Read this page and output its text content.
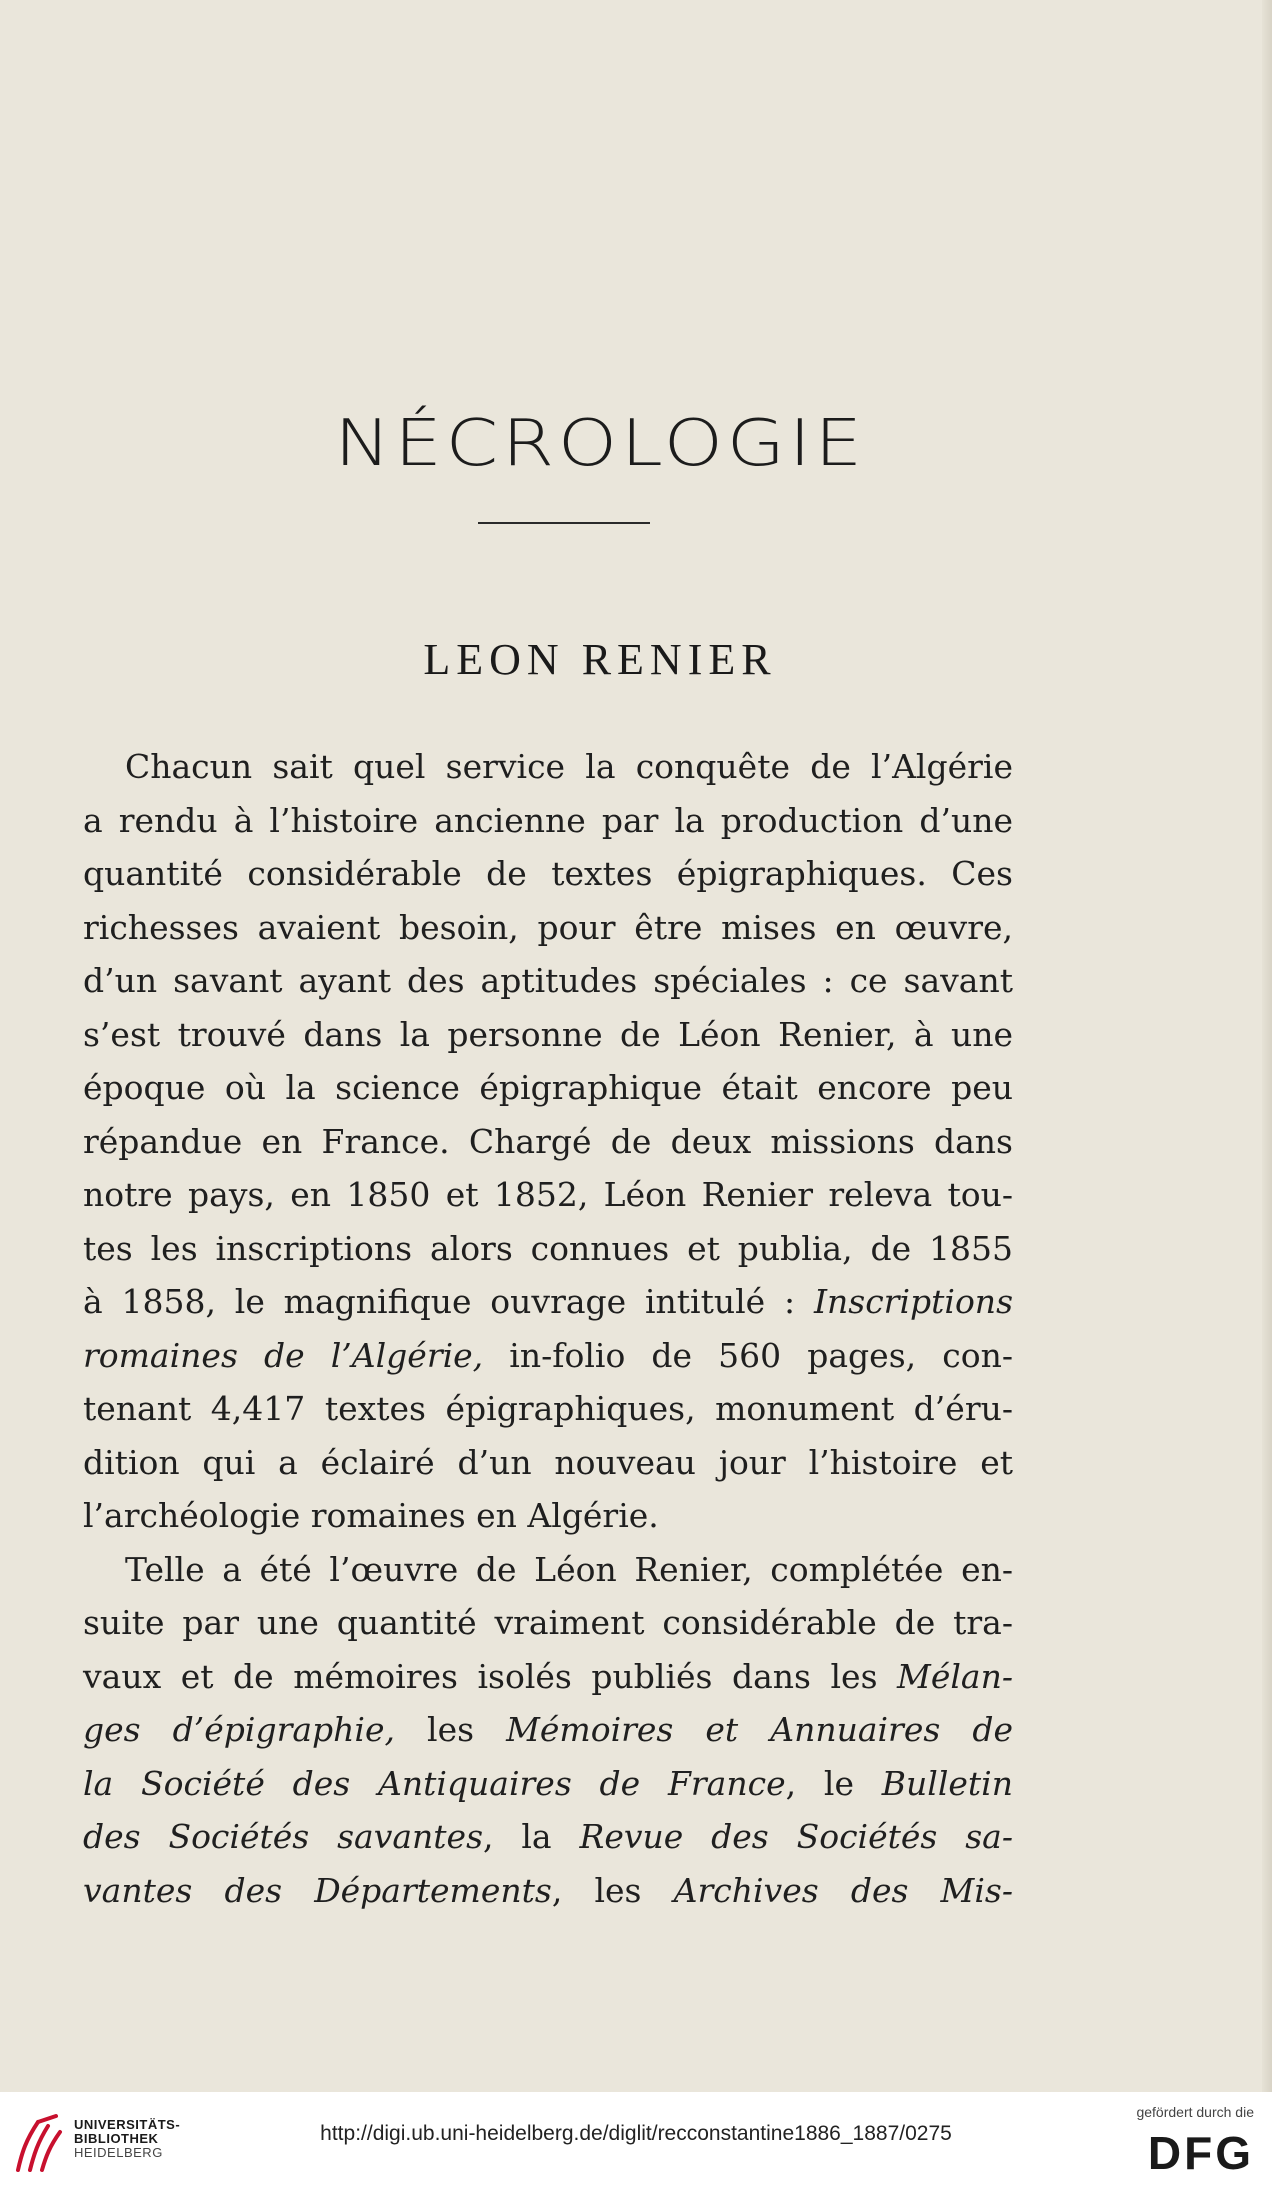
NÉCROLOGIE
LEON RENIER
Chacun sait quel service la conquête de l’Algérie
a rendu à l’histoire ancienne par la production d’une
quantité considérable de textes épigraphiques. Ces
richesses avaient besoin, pour être mises en œuvre,
d’un savant ayant des aptitudes spéciales : ce savant
s’est trouvé dans la personne de Léon Renier, à une
époque où la science épigraphique était encore peu
répandue en France. Chargé de deux missions dans
notre pays, en 1850 et 1852, Léon Renier releva tou-
tes les inscriptions alors connues et publia, de 1855
à 1858, le magnifique ouvrage intitulé : Inscriptions
romaines de l’Algérie, in-folio de 560 pages, con-
tenant 4,417 textes épigraphiques, monument d’éru-
dition qui a éclairé d’un nouveau jour l’histoire et
l’archéologie romaines en Algérie.
Telle a été l’œuvre de Léon Renier, complétée en-
suite par une quantité vraiment considérable de tra-
vaux et de mémoires isolés publiés dans les Mélan-
ges d’épigraphie, les Mémoires et Annuaires de
la Société des Antiquaires de France, le Bulletin
des Sociétés savantes, la Revue des Sociétés sa-
vantes des Départements, les Archives des Mis-
UNIVERSITÄTS-
BIBLIOTHEK
HEIDELBERG
http://digi.ub.uni-heidelberg.de/diglit/recconstantine1886_1887/0275
gefördert durch die
DFG
